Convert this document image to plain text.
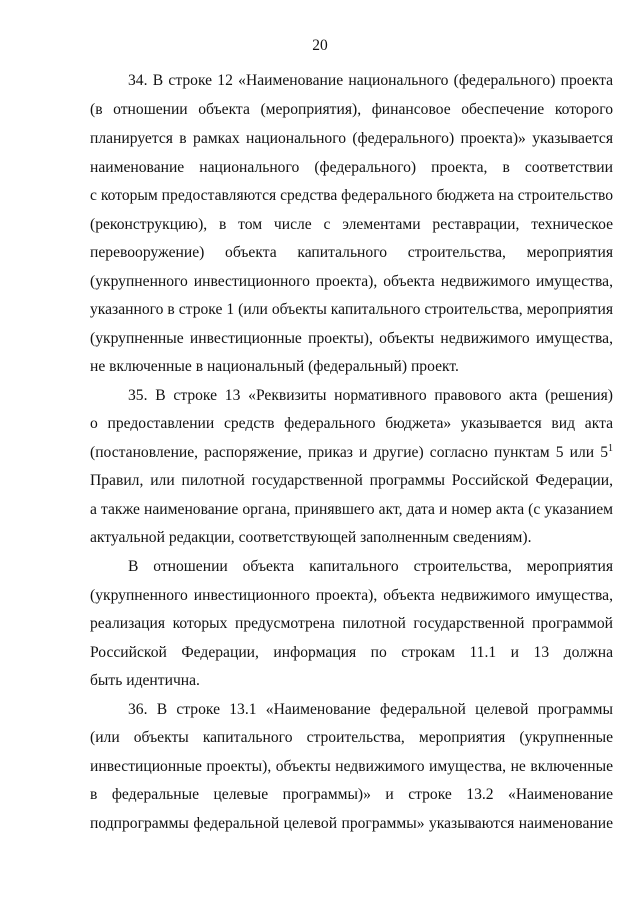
20
34. В строке 12 «Наименование национального (федерального) проекта
(в отношении объекта (мероприятия), финансовое обеспечение которого
планируется в рамках национального (федерального) проекта)» указывается
наименование национального (федерального) проекта, в соответствии
с которым предоставляются средства федерального бюджета на строительство
(реконструкцию), в том числе с элементами реставрации, техническое
перевооружение) объекта капитального строительства, мероприятия
(укрупненного инвестиционного проекта), объекта недвижимого имущества,
указанного в строке 1 (или объекты капитального строительства, мероприятия
(укрупненные инвестиционные проекты), объекты недвижимого имущества,
не включенные в национальный (федеральный) проект.
35. В строке 13 «Реквизиты нормативного правового акта (решения)
о предоставлении средств федерального бюджета» указывается вид акта
(постановление, распоряжение, приказ и другие) согласно пунктам 5 или $5^1$
Правил, или пилотной государственной программы Российской Федерации,
а также наименование органа, принявшего акт, дата и номер акта (с указанием
актуальной редакции, соответствующей заполненным сведениям).
В отношении объекта капитального строительства, мероприятия
(укрупненного инвестиционного проекта), объекта недвижимого имущества,
реализация которых предусмотрена пилотной государственной программой
Российской Федерации, информация по строкам 11.1 и 13 должна
быть идентична.
36. В строке 13.1 «Наименование федеральной целевой программы
(или объекты капитального строительства, мероприятия (укрупненные
инвестиционные проекты), объекты недвижимого имущества, не включенные
в федеральные целевые программы)» и строке 13.2 «Наименование
подпрограммы федеральной целевой программы» указываются наименование
